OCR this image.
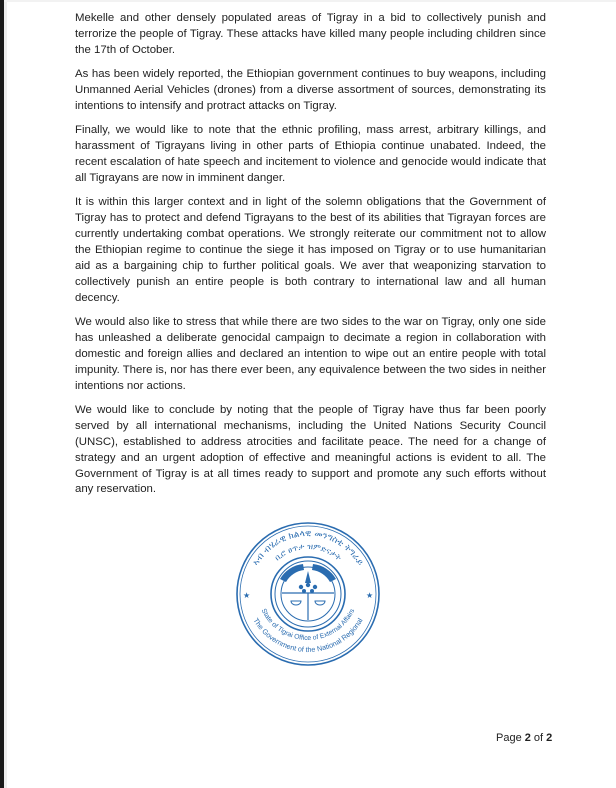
Mekelle and other densely populated areas of Tigray in a bid to collectively punish and terrorize the people of Tigray. These attacks have killed many people including children since the 17th of October.

As has been widely reported, the Ethiopian government continues to buy weapons, including Unmanned Aerial Vehicles (drones) from a diverse assortment of sources, demonstrating its intentions to intensify and protract attacks on Tigray.

Finally, we would like to note that the ethnic profiling, mass arrest, arbitrary killings, and harassment of Tigrayans living in other parts of Ethiopia continue unabated. Indeed, the recent escalation of hate speech and incitement to violence and genocide would indicate that all Tigrayans are now in imminent danger.

It is within this larger context and in light of the solemn obligations that the Government of Tigray has to protect and defend Tigrayans to the best of its abilities that Tigrayan forces are currently undertaking combat operations. We strongly reiterate our commitment not to allow the Ethiopian regime to continue the siege it has imposed on Tigray or to use humanitarian aid as a bargaining chip to further political goals. We aver that weaponizing starvation to collectively punish an entire people is both contrary to international law and all human decency.

We would also like to stress that while there are two sides to the war on Tigray, only one side has unleashed a deliberate genocidal campaign to decimate a region in collaboration with domestic and foreign allies and declared an intention to wipe out an entire people with total impunity. There is, nor has there ever been, any equivalence between the two sides in neither intentions nor actions.

We would like to conclude by noting that the people of Tigray have thus far been poorly served by all international mechanisms, including the United Nations Security Council (UNSC), established to address atrocities and facilitate peace. The need for a change of strategy and an urgent adoption of effective and meaningful actions is evident to all. The Government of Tigray is at all times ready to support and promote any such efforts without any reservation.

★	★
ኣብ ብሄራዊ ክልላዊ መንግስቲ ትግራይ
ቢሮ ፀጥታ ዝምድናታት
The Government of the National Regional
State of Tigrai Office of External Affairs
Page 2 of 2
